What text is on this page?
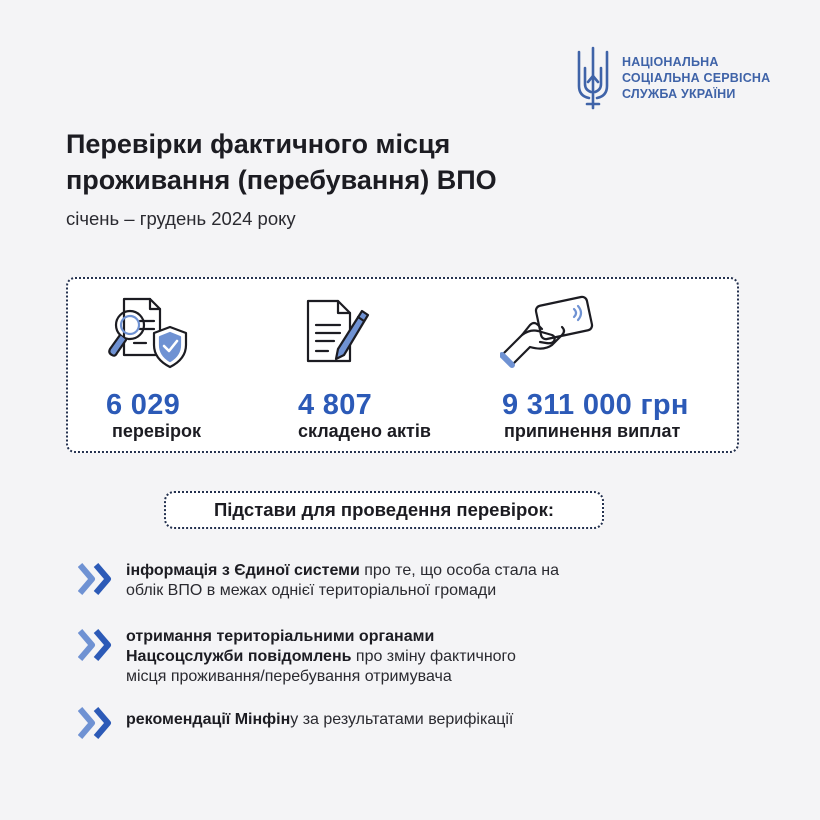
НАЦІОНАЛЬНА
СОЦІАЛЬНА СЕРВІСНА
СЛУЖБА УКРАЇНИ
Перевірки фактичного місця
проживання (перебування) ВПО
січень – грудень 2024 року
6 029
перевірок
4 807
складено актів
9 311 000 грн
припинення виплат
Підстави для проведення перевірок:
інформація з Єдиної системи про те, що особа стала на
облік ВПО в межах однієї територіальної громади
отримання територіальними органами
Нацсоцслужби повідомлень про зміну фактичного
місця проживання/перебування отримувача
рекомендації Мінфіну за результатами верифікації
